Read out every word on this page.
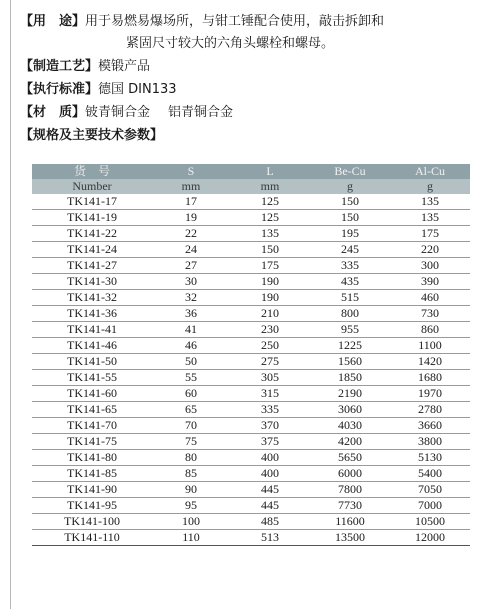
【用　途】用于易燃易爆场所，与钳工锤配合使用，敲击拆卸和
紧固尺寸较大的六角头螺栓和螺母。
【制造工艺】模锻产品
【执行标准】德国 DIN133
【材　质】铍青铜合金 铝青铜合金
【规格及主要技术参数】
货　号	S	L	Be-Cu	Al-Cu
Number	mm	mm	g	g
TK141-17	17	125	150	135
TK141-19	19	125	150	135
TK141-22	22	135	195	175
TK141-24	24	150	245	220
TK141-27	27	175	335	300
TK141-30	30	190	435	390
TK141-32	32	190	515	460
TK141-36	36	210	800	730
TK141-41	41	230	955	860
TK141-46	46	250	1225	1100
TK141-50	50	275	1560	1420
TK141-55	55	305	1850	1680
TK141-60	60	315	2190	1970
TK141-65	65	335	3060	2780
TK141-70	70	370	4030	3660
TK141-75	75	375	4200	3800
TK141-80	80	400	5650	5130
TK141-85	85	400	6000	5400
TK141-90	90	445	7800	7050
TK141-95	95	445	7730	7000
TK141-100	100	485	11600	10500
TK141-110	110	513	13500	12000
